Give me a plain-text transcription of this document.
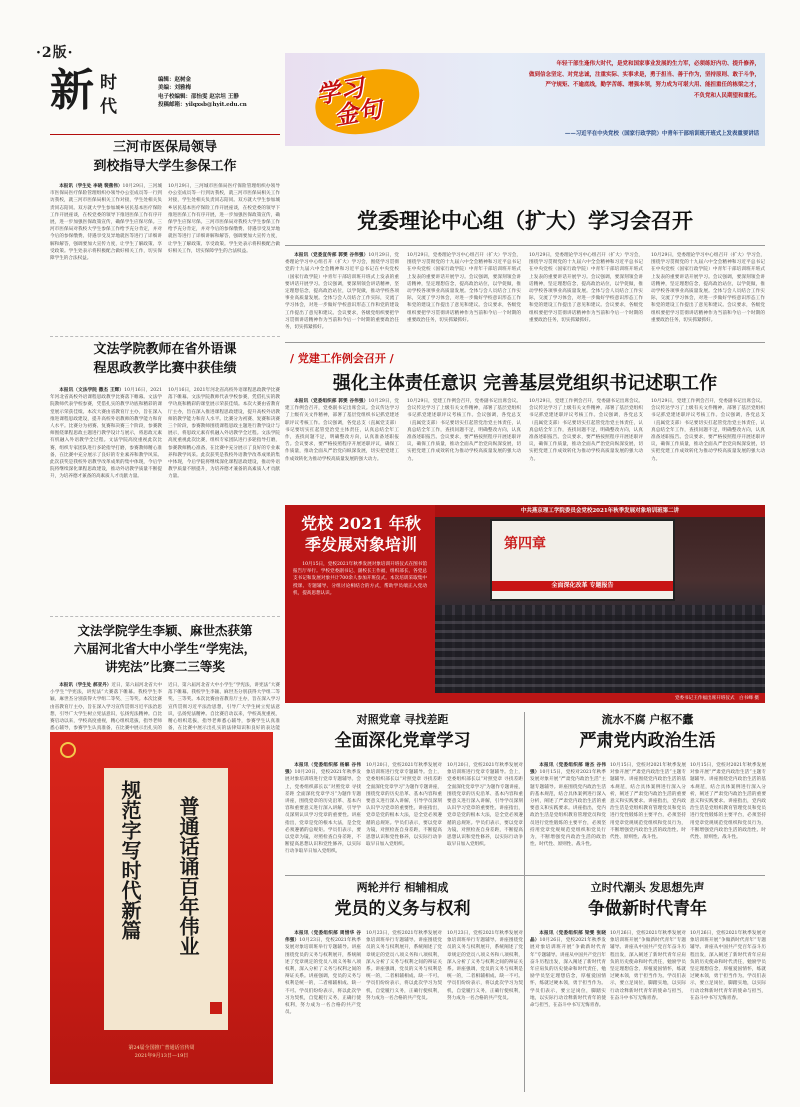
·2版·
新 时
代
编辑：赵树金
美编：刘雅梅
电子校编辑：邵怡雯 赵宗坦 王静
投稿邮箱：yilqxsb@hyit.edu.cn
年轻干部生逢伟大时代，是党和国家事业发展的生力军，必须练好内功、提升修养，
做到信念坚定、对党忠诚，注重实际、实事求是，勇于担当、善于作为，坚持原则、敢于斗争，
严守规矩、不逾底线，勤学苦练、增强本领，努力成为可堪大用、能担重任的栋梁之才，
不负党和人民期望和重托。
——习近平在中央党校（国家行政学院）中青年干部培训班开班式上发表重要讲话
学习
金句
三河市医保局领导
到校指导大学生参保工作

本报讯（学生处 李晓 裴燕伟）10月29日，三河城市医保局医疗保险管理组织办领导办公室成员等一行到访我校，就三河市医保局相关工作对接，学生处相关负责同志陪同。双方就大学生参加城乡居民基本医疗保险工作开展座谈，在校党委的领导下推进医保工作有序开展，进一步加强医保政策宣传，确保学生应保尽保。三河市医保局对我校大学生参保工作给予充分肯定，并对今后的参保缴费、待遇享受及异地就医等进行了详细讲解和解答，强调要加大宣传力度，让学生了解政策、享受政策。学生处表示将积极配合做好相关工作，切实保障学生的合法权益。

10月29日，三河城市医保局医疗保险管理组织办领导办公室成员等一行到访我校，就三河市医保局相关工作对接，学生处相关负责同志陪同。双方就大学生参加城乡居民基本医疗保险工作开展座谈，在校党委的领导下推进医保工作有序开展，进一步加强医保政策宣传，确保学生应保尽保。三河市医保局对我校大学生参保工作给予充分肯定，并对今后的参保缴费、待遇享受及异地就医等进行了详细讲解和解答，强调要加大宣传力度，让学生了解政策、享受政策。学生处表示将积极配合做好相关工作，切实保障学生的合法权益。

党委理论中心组（扩大）学习会召开

本报讯（党委宣传部 郭雯 谷伟强）10月29日，党委理论学习中心组召开（扩大）学习会，围绕学习贯彻党的十九届六中全会精神和习近平总书记在中央党校（国家行政学院）中青年干部培训班开班式上发表的重要讲话开展学习。会议强调，要深刻领会讲话精神，坚定理想信念，提高政治站位，以学促做，推动学校各项事业高质量发展。全体与会人员结合工作实际，交流了学习体会，对进一步做好学校意识形态工作和党的建设工作提出了意见和建议。会议要求，各级党组织要把学习贯彻讲话精神作为当前和今后一个时期的重要政治任务，切实抓紧抓好。

10月29日，党委理论学习中心组召开（扩大）学习会，围绕学习贯彻党的十九届六中全会精神和习近平总书记在中央党校（国家行政学院）中青年干部培训班开班式上发表的重要讲话开展学习。会议强调，要深刻领会讲话精神，坚定理想信念，提高政治站位，以学促做，推动学校各项事业高质量发展。全体与会人员结合工作实际，交流了学习体会，对进一步做好学校意识形态工作和党的建设工作提出了意见和建议。会议要求，各级党组织要把学习贯彻讲话精神作为当前和今后一个时期的重要政治任务，切实抓紧抓好。

10月29日，党委理论学习中心组召开（扩大）学习会，围绕学习贯彻党的十九届六中全会精神和习近平总书记在中央党校（国家行政学院）中青年干部培训班开班式上发表的重要讲话开展学习。会议强调，要深刻领会讲话精神，坚定理想信念，提高政治站位，以学促做，推动学校各项事业高质量发展。全体与会人员结合工作实际，交流了学习体会，对进一步做好学校意识形态工作和党的建设工作提出了意见和建议。会议要求，各级党组织要把学习贯彻讲话精神作为当前和今后一个时期的重要政治任务，切实抓紧抓好。

10月29日，党委理论学习中心组召开（扩大）学习会，围绕学习贯彻党的十九届六中全会精神和习近平总书记在中央党校（国家行政学院）中青年干部培训班开班式上发表的重要讲话开展学习。会议强调，要深刻领会讲话精神，坚定理想信念，提高政治站位，以学促做，推动学校各项事业高质量发展。全体与会人员结合工作实际，交流了学习体会，对进一步做好学校意识形态工作和党的建设工作提出了意见和建议。会议要求，各级党组织要把学习贯彻讲话精神作为当前和今后一个时期的重要政治任务，切实抓紧抓好。

/ 党建工作例会召开 /
强化主体责任意识 完善基层党组织书记述职工作

本报讯（党委组织部 郭雯 谷伟强）10月29日，党建工作例会召开，党委副书记出席会议。会议传达学习了上级有关文件精神，部署了基层党组织书记抓党建述职评议考核工作。会议强调，各党总支（直属党支部）书记要切实扛起管党治党主体责任，认真总结全年工作，查找问题不足，明确整改方向，认真准备述职报告。会议要求，要严格按照程序开展述职评议，确保工作质量，推动全面从严治党向纵深发展，切实把党建工作成效转化为推动学校高质量发展的强大动力。

10月29日，党建工作例会召开，党委副书记出席会议。会议传达学习了上级有关文件精神，部署了基层党组织书记抓党建述职评议考核工作。会议强调，各党总支（直属党支部）书记要切实扛起管党治党主体责任，认真总结全年工作，查找问题不足，明确整改方向，认真准备述职报告。会议要求，要严格按照程序开展述职评议，确保工作质量，推动全面从严治党向纵深发展，切实把党建工作成效转化为推动学校高质量发展的强大动力。

10月29日，党建工作例会召开，党委副书记出席会议。会议传达学习了上级有关文件精神，部署了基层党组织书记抓党建述职评议考核工作。会议强调，各党总支（直属党支部）书记要切实扛起管党治党主体责任，认真总结全年工作，查找问题不足，明确整改方向，认真准备述职报告。会议要求，要严格按照程序开展述职评议，确保工作质量，推动全面从严治党向纵深发展，切实把党建工作成效转化为推动学校高质量发展的强大动力。

10月29日，党建工作例会召开，党委副书记出席会议。会议传达学习了上级有关文件精神，部署了基层党组织书记抓党建述职评议考核工作。会议强调，各党总支（直属党支部）书记要切实扛起管党治党主体责任，认真总结全年工作，查找问题不足，明确整改方向，认真准备述职报告。会议要求，要严格按照程序开展述职评议，确保工作质量，推动全面从严治党向纵深发展，切实把党建工作成效转化为推动学校高质量发展的强大动力。

文法学院教师在省外语课
程思政教学比赛中获佳绩

本报讯（文法学院 撒杰 王辉）10月16日，2021年河北省高校外语课程思政教学比赛落下帷幕。文法学院教师代表学校参赛，凭借扎实的教学功底和精彩的课堂展示荣获佳绩。本次大赛由省教育厅主办，旨在深入推进课程思政建设，提升高校外语教师的教学能力和育人水平。比赛分为初赛、复赛和决赛三个阶段，参赛教师围绕课程思政主题进行教学设计与展示，将思政元素有机融入外语教学全过程。文法学院高度重视此次比赛，组织专家团队进行多轮指导打磨，参赛教师精心准备，在比赛中充分展示了良好的专业素养和教学风采。此次获奖是我校外语教学改革成果的集中体现，今后学院将继续深化课程思政建设，推动外语教学质量不断提升，为培养德才兼备的高素质人才贡献力量。

10月16日，2021年河北省高校外语课程思政教学比赛落下帷幕。文法学院教师代表学校参赛，凭借扎实的教学功底和精彩的课堂展示荣获佳绩。本次大赛由省教育厅主办，旨在深入推进课程思政建设，提升高校外语教师的教学能力和育人水平。比赛分为初赛、复赛和决赛三个阶段，参赛教师围绕课程思政主题进行教学设计与展示，将思政元素有机融入外语教学全过程。文法学院高度重视此次比赛，组织专家团队进行多轮指导打磨，参赛教师精心准备，在比赛中充分展示了良好的专业素养和教学风采。此次获奖是我校外语教学改革成果的集中体现，今后学院将继续深化课程思政建设，推动外语教学质量不断提升，为培养德才兼备的高素质人才贡献力量。

文法学院学生李颖、麻世杰获第
六届河北省大中小学生“学宪法，
讲宪法”比赛二三等奖

本报讯（学生处 郝亚丹）近日，第六届河北省大中小学生“学宪法，讲宪法”大赛落下帷幕。我校学生李颖、麻世杰分别获得大学组二等奖、三等奖。本次比赛由省教育厅主办，旨在深入学习宣传贯彻习近平法治思想，引导广大学生树立宪法意识，弘扬宪法精神。自比赛启动以来，学校高度重视，精心组织选拔，指导老师悉心辅导，参赛学生认真准备，在比赛中展示出扎实的

近日，第六届河北省大中小学生“学宪法，讲宪法”大赛落下帷幕。我校学生李颖、麻世杰分别获得大学组二等奖、三等奖。本次比赛由省教育厅主办，旨在深入学习宣传贯彻习近平法治思想，引导广大学生树立宪法意识，弘扬宪法精神。自比赛启动以来，学校高度重视，精心组织选拔，指导老师悉心辅导，参赛学生认真准备，在比赛中展示出扎实的法律知识和良好的表达能

党校 2021 年秋
季发展对象培训
10月15日，党校2021年秋季发展对象培训开班仪式在图书馆报告厅举行。学校党委副书记、副校长王作福，组织部长、各党总支书记和发展对象共计700余人参加开班仪式。本次培训采取集中授课、专题辅导、分组讨论相结合的方式，帮助学员端正入党动机，提高思想认识。
中共燕京理工学院委员会党校2021年秋季发展对象培训班第二讲
第四章
全面深化改革 专题报告
党委书记王作福出席开班仪式　白书峰 摄
对照党章 寻找差距
全面深化党章学习

本报讯（党委组织部 杨解 谷伟强）10月20日，党校2021年秋季发展对象培训班进行党章专题辅导。会上，党委组织部长以“对照党章 寻找差距 全面深化党章学习”为题作专题讲座，围绕党章的历史沿革、基本内容和重要意义进行深入讲解，引导学员深刻认识学习党章的重要性。讲座指出，党章是党的根本大法，是全党必须遵循的总规矩。学员们表示，要以党章为镜，对照检查自身差距，不断提高思想认识和党性修养，以实际行动争取早日加入党组织。

10月20日，党校2021年秋季发展对象培训班进行党章专题辅导。会上，党委组织部长以“对照党章 寻找差距 全面深化党章学习”为题作专题讲座，围绕党章的历史沿革、基本内容和重要意义进行深入讲解，引导学员深刻认识学习党章的重要性。讲座指出，党章是党的根本大法，是全党必须遵循的总规矩。学员们表示，要以党章为镜，对照检查自身差距，不断提高思想认识和党性修养，以实际行动争取早日加入党组织。

10月20日，党校2021年秋季发展对象培训班进行党章专题辅导。会上，党委组织部长以“对照党章 寻找差距 全面深化党章学习”为题作专题讲座，围绕党章的历史沿革、基本内容和重要意义进行深入讲解，引导学员深刻认识学习党章的重要性。讲座指出，党章是党的根本大法，是全党必须遵循的总规矩。学员们表示，要以党章为镜，对照检查自身差距，不断提高思想认识和党性修养，以实际行动争取早日加入党组织。

流水不腐 户枢不蠹
严肃党内政治生活

本报讯（党委组织部 谢杰 谷伟强）10月15日，党校对2021年秋季发展对象开展“严肃党内政治生活”主题专题辅导。讲座围绕党内政治生活的基本规范，结合具体案例进行深入分析，阐述了严肃党内政治生活的重要意义和实践要求。讲座指出，党内政治生活是党组织教育管理党员和党员进行党性锻炼的主要平台，必须坚持用党章党规规范党组织和党员行为，不断增强党内政治生活的政治性、时代性、原则性、战斗性。

10月15日，党校对2021年秋季发展对象开展“严肃党内政治生活”主题专题辅导。讲座围绕党内政治生活的基本规范，结合具体案例进行深入分析，阐述了严肃党内政治生活的重要意义和实践要求。讲座指出，党内政治生活是党组织教育管理党员和党员进行党性锻炼的主要平台，必须坚持用党章党规规范党组织和党员行为，不断增强党内政治生活的政治性、时代性、原则性、战斗性。

10月15日，党校对2021年秋季发展对象开展“严肃党内政治生活”主题专题辅导。讲座围绕党内政治生活的基本规范，结合具体案例进行深入分析，阐述了严肃党内政治生活的重要意义和实践要求。讲座指出，党内政治生活是党组织教育管理党员和党员进行党性锻炼的主要平台，必须坚持用党章党规规范党组织和党员行为，不断增强党内政治生活的政治性、时代性、原则性、战斗性。

两轮并行 相辅相成
党员的义务与权利

本报讯（党委组织部 周惜华 谷伟强）10月23日，党校2021年秋季发展对象培训班举行专题辅导。讲座围绕党员的义务与权利展开，系统阐述了党章规定的党员八项义务和八项权利，深入分析了义务与权利之间的辩证关系。讲座强调，党员的义务与权利是统一的，二者相辅相成、缺一不可。学员们纷纷表示，将以此次学习为契机，自觉履行义务，正确行使权利，努力成为一名合格的共产党员。

10月23日，党校2021年秋季发展对象培训班举行专题辅导。讲座围绕党员的义务与权利展开，系统阐述了党章规定的党员八项义务和八项权利，深入分析了义务与权利之间的辩证关系。讲座强调，党员的义务与权利是统一的，二者相辅相成、缺一不可。学员们纷纷表示，将以此次学习为契机，自觉履行义务，正确行使权利，努力成为一名合格的共产党员。

10月23日，党校2021年秋季发展对象培训班举行专题辅导。讲座围绕党员的义务与权利展开，系统阐述了党章规定的党员八项义务和八项权利，深入分析了义务与权利之间的辩证关系。讲座强调，党员的义务与权利是统一的，二者相辅相成、缺一不可。学员们纷纷表示，将以此次学习为契机，自觉履行义务，正确行使权利，努力成为一名合格的共产党员。

立时代潮头 发思想先声
争做新时代青年

本报讯（党委组织部 梁雯 张晓晶）10月26日，党校2021年秋季发展对象培训班开展“争做新时代青年”专题辅导。讲座从中国共产党百年奋斗历程出发，深入阐述了新时代青年应肩负的历史使命和时代责任，勉励学员坚定理想信念，厚植爱国情怀，练就过硬本领，勇于担当作为。学员们表示，要立足岗位，脚踏实地，以实际行动诠释新时代青年的使命与担当，在奋斗中书写无悔青春。

10月26日，党校2021年秋季发展对象培训班开展“争做新时代青年”专题辅导。讲座从中国共产党百年奋斗历程出发，深入阐述了新时代青年应肩负的历史使命和时代责任，勉励学员坚定理想信念，厚植爱国情怀，练就过硬本领，勇于担当作为。学员们表示，要立足岗位，脚踏实地，以实际行动诠释新时代青年的使命与担当，在奋斗中书写无悔青春。

10月26日，党校2021年秋季发展对象培训班开展“争做新时代青年”专题辅导。讲座从中国共产党百年奋斗历程出发，深入阐述了新时代青年应肩负的历史使命和时代责任，勉励学员坚定理想信念，厚植爱国情怀，练就过硬本领，勇于担当作为。学员们表示，要立足岗位，脚踏实地，以实际行动诠释新时代青年的使命与担当，在奋斗中书写无悔青春。

规范字写时代新篇 普通话诵百年伟业
第24届全国推广普通话宣传周
2021年9月13日—19日
